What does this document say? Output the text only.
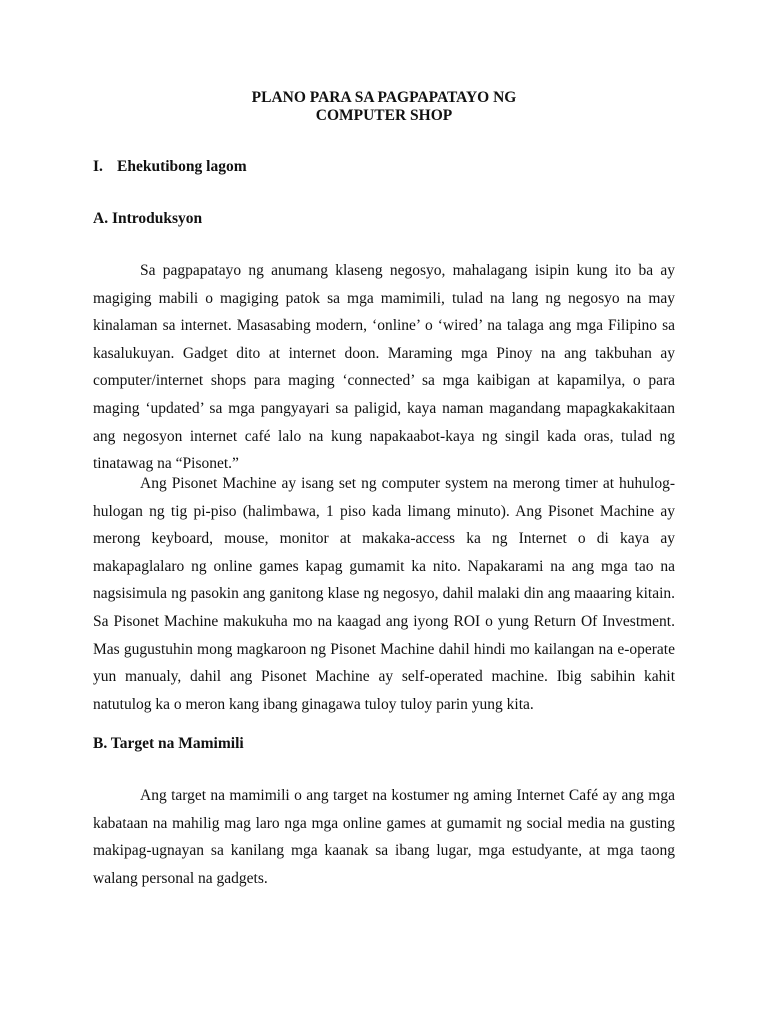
PLANO PARA SA PAGPAPATAYO NG
COMPUTER SHOP
I. Ehekutibong lagom
A. Introduksyon

Sa pagpapatayo ng anumang klaseng negosyo, mahalagang isipin kung ito ba ay magiging mabili o magiging patok sa mga mamimili, tulad na lang ng negosyo na may kinalaman sa internet. Masasabing modern, ‘online’ o ‘wired’ na talaga ang mga Filipino sa kasalukuyan. Gadget dito at internet doon. Maraming mga Pinoy na ang takbuhan ay computer/internet shops para maging ‘connected’ sa mga kaibigan at kapamilya, o para maging ‘updated’ sa mga pangyayari sa paligid, kaya naman magandang mapagkakakitaan ang negosyon internet café lalo na kung napakaabot-kaya ng singil kada oras, tulad ng tinatawag na “Pisonet.”

Ang Pisonet Machine ay isang set ng computer system na merong timer at huhulog-hulogan ng tig pi-piso (halimbawa, 1 piso kada limang minuto). Ang Pisonet Machine ay merong keyboard, mouse, monitor at makaka-access ka ng Internet o di kaya ay makapaglalaro ng online games kapag gumamit ka nito. Napakarami na ang mga tao na nagsisimula ng pasokin ang ganitong klase ng negosyo, dahil malaki din ang maaaring kitain. Sa Pisonet Machine makukuha mo na kaagad ang iyong ROI o yung Return Of Investment. Mas gugustuhin mong magkaroon ng Pisonet Machine dahil hindi mo kailangan na e-operate yun manualy, dahil ang Pisonet Machine ay self-operated machine. Ibig sabihin kahit natutulog ka o meron kang ibang ginagawa tuloy tuloy parin yung kita.

B. Target na Mamimili

Ang target na mamimili o ang target na kostumer ng aming Internet Café ay ang mga kabataan na mahilig mag laro nga mga online games at gumamit ng social media na gusting makipag-ugnayan sa kanilang mga kaanak sa ibang lugar, mga estudyante, at mga taong walang personal na gadgets.
